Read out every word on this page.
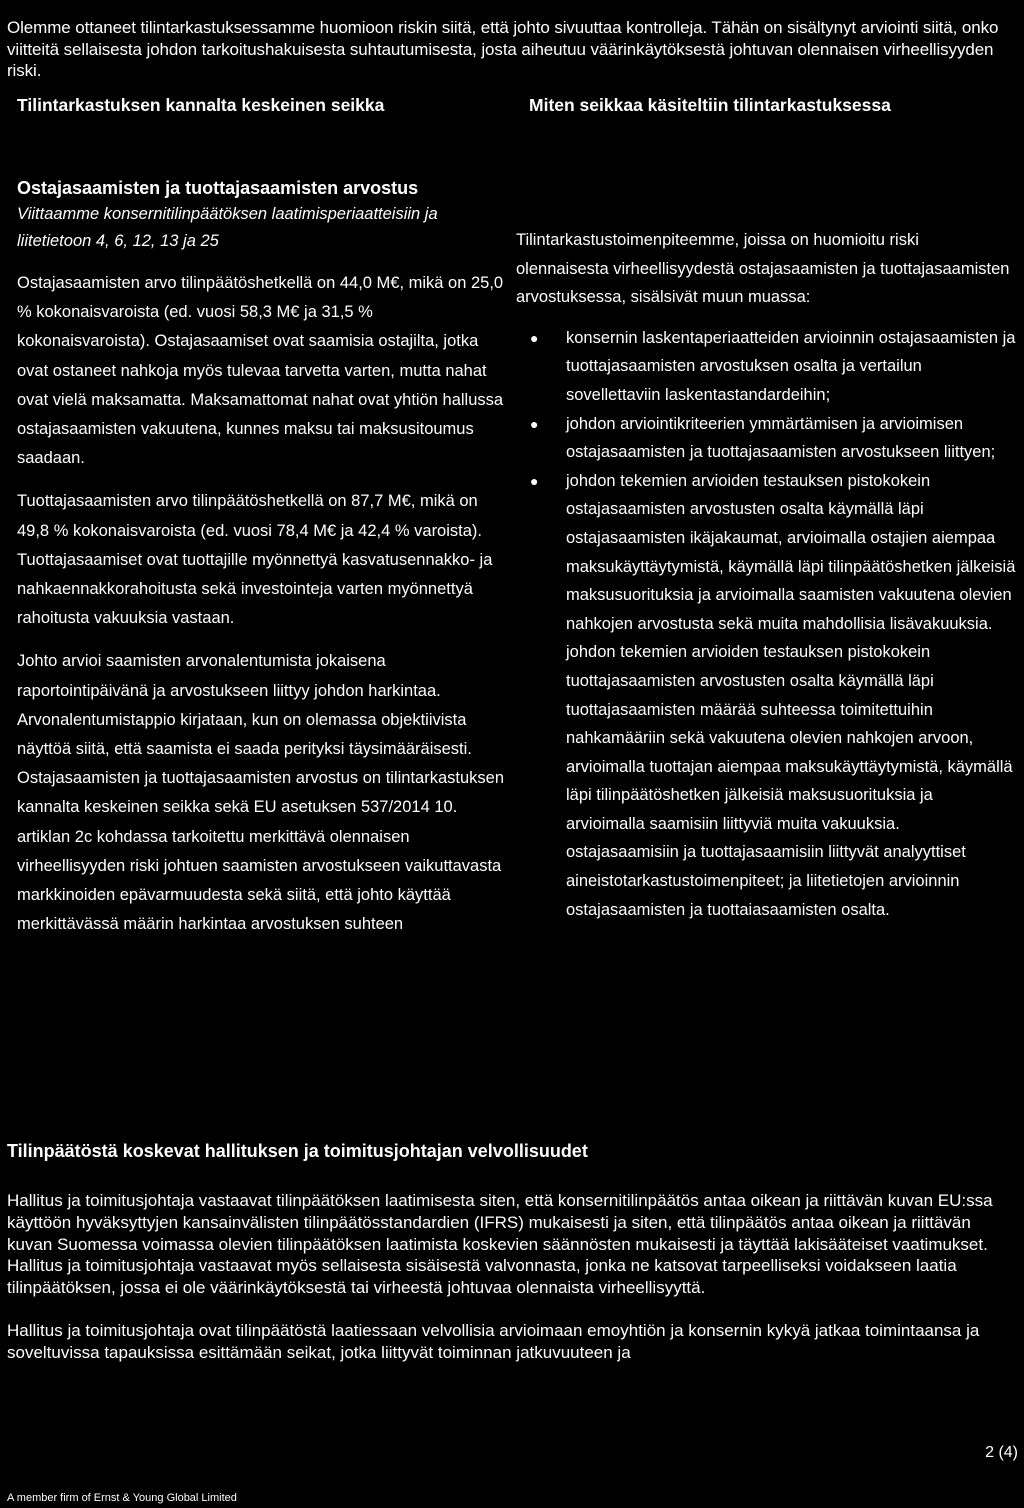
Olemme ottaneet tilintarkastuksessamme huomioon riskin siitä, että johto sivuuttaa kontrolleja. Tähän on sisältynyt arviointi siitä, onko viitteitä sellaisesta johdon tarkoitushakuisesta suhtautumisesta, josta aiheutuu väärinkäytöksestä johtuvan olennaisen virheellisyyden riski.

Tilintarkastuksen kannalta keskeinen seikka	Miten seikkaa käsiteltiin tilintarkastuksessa

Ostajasaamisten ja tuottajasaamisten arvostus

Viittaamme konsernitilinpäätöksen laatimisperiaatteisiin ja liitetietoon 4, 6, 12, 13 ja 25

Ostajasaamisten arvo tilinpäätöshetkellä on 44,0 M€, mikä on 25,0 % kokonaisvaroista (ed. vuosi 58,3 M€ ja 31,5 % kokonaisvaroista). Ostajasaamiset ovat saamisia ostajilta, jotka ovat ostaneet nahkoja myös tulevaa tarvetta varten, mutta nahat ovat vielä maksamatta. Maksamattomat nahat ovat yhtiön hallussa ostajasaamisten vakuutena, kunnes maksu tai maksusitoumus saadaan.

Tuottajasaamisten arvo tilinpäätöshetkellä on 87,7 M€, mikä on 49,8 % kokonaisvaroista (ed. vuosi 78,4 M€ ja 42,4 % varoista). Tuottajasaamiset ovat tuottajille myönnettyä kasvatusennakko- ja nahkaennakkorahoitusta sekä investointeja varten myönnettyä rahoitusta vakuuksia vastaan.

Johto arvioi saamisten arvonalentumista jokaisena raportointipäivänä ja arvostukseen liittyy johdon harkintaa. Arvonalentumistappio kirjataan, kun on olemassa objektiivista näyttöä siitä, että saamista ei saada perityksi täysimääräisesti. Ostajasaamisten ja tuottajasaamisten arvostus on tilintarkastuksen kannalta keskeinen seikka sekä EU asetuksen 537/2014 10. artiklan 2c kohdassa tarkoitettu merkittävä olennaisen virheellisyyden riski johtuen saamisten arvostukseen vaikuttavasta markkinoiden epävarmuudesta sekä siitä, että johto käyttää merkittävässä määrin harkintaa arvostuksen suhteen

Tilintarkastustoimenpiteemme, joissa on huomioitu riski olennaisesta virheellisyydestä ostajasaamisten ja tuottajasaamisten arvostuksessa, sisälsivät muun muassa:

● konsernin laskentaperiaatteiden arvioinnin ostajasaamisten ja tuottajasaamisten arvostuksen osalta ja vertailun sovellettaviin laskentastandardeihin;
● johdon arviointikriteerien ymmärtämisen ja arvioimisen ostajasaamisten ja tuottajasaamisten arvostukseen liittyen;
● johdon tekemien arvioiden testauksen pistokokein ostajasaamisten arvostusten osalta käymällä läpi ostajasaamisten ikäjakaumat, arvioimalla ostajien aiempaa maksukäyttäytymistä, käymällä läpi tilinpäätöshetken jälkeisiä maksusuorituksia ja arvioimalla saamisten vakuutena olevien nahkojen arvostusta sekä muita mahdollisia lisävakuuksia. johdon tekemien arvioiden testauksen pistokokein tuottajasaamisten arvostusten osalta käymällä läpi tuottajasaamisten määrää suhteessa toimitettuihin nahkamääriin sekä vakuutena olevien nahkojen arvoon, arvioimalla tuottajan aiempaa maksukäyttäytymistä, käymällä läpi tilinpäätöshetken jälkeisiä maksusuorituksia ja arvioimalla saamisiin liittyviä muita vakuuksia. ostajasaamisiin ja tuottajasaamisiin liittyvät analyyttiset aineistotarkastustoimenpiteet; ja liitetietojen arvioinnin ostajasaamisten ja tuottaiasaamisten osalta.
Tilinpäätöstä koskevat hallituksen ja toimitusjohtajan velvollisuudet

Hallitus ja toimitusjohtaja vastaavat tilinpäätöksen laatimisesta siten, että konsernitilinpäätös antaa oikean ja riittävän kuvan EU:ssa käyttöön hyväksyttyjen kansainvälisten tilinpäätösstandardien (IFRS) mukaisesti ja siten, että tilinpäätös antaa oikean ja riittävän kuvan Suomessa voimassa olevien tilinpäätöksen laatimista koskevien säännösten mukaisesti ja täyttää lakisääteiset vaatimukset. Hallitus ja toimitusjohtaja vastaavat myös sellaisesta sisäisestä valvonnasta, jonka ne katsovat tarpeelliseksi voidakseen laatia tilinpäätöksen, jossa ei ole väärinkäytöksestä tai virheestä johtuvaa olennaista virheellisyyttä.

Hallitus ja toimitusjohtaja ovat tilinpäätöstä laatiessaan velvollisia arvioimaan emoyhtiön ja konsernin kykyä jatkaa toimintaansa ja soveltuvissa tapauksissa esittämään seikat, jotka liittyvät toiminnan jatkuvuuteen ja

2 (4)
A member firm of Ernst & Young Global Limited
